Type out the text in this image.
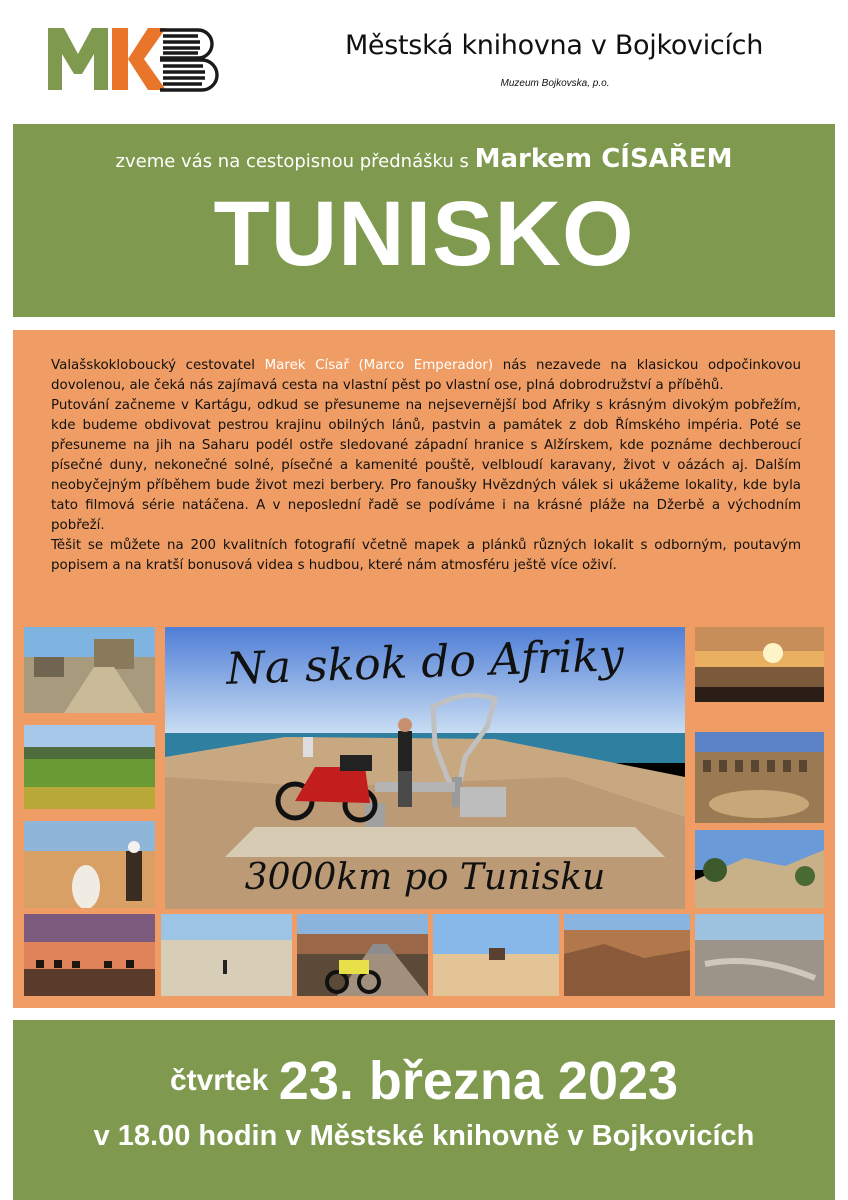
Městská knihovna v Bojkovicích
Muzeum Bojkovska, p.o.
zveme vás na cestopisnou přednášku s Markem CÍSAŘEM
TUNISKO

Valašskokloboucký cestovatel Marek Císař (Marco Emperador) nás nezavede na klasickou odpočinkovou dovolenou, ale čeká nás zajímavá cesta na vlastní pěst po vlastní ose, plná dobrodružství a příběhů.
Putování začneme v Kartágu, odkud se přesuneme na nejsevernější bod Afriky s krásným divokým pobřežím, kde budeme obdivovat pestrou krajinu obilných lánů, pastvin a památek z dob Římského impéria. Poté se přesuneme na jih na Saharu podél ostře sledované západní hranice s Alžírskem, kde poznáme dechberoucí písečné duny, nekonečné solné, písečné a kamenité pouště, velbloudí karavany, život v oázách aj. Dalším neobyčejným příběhem bude život mezi berbery. Pro fanoušky Hvězdných válek si ukážeme lokality, kde byla tato filmová série natáčena. A v neposlední řadě se podíváme i na krásné pláže na Džerbě a východním pobřeží.
Těšit se můžete na 200 kvalitních fotografií včetně mapek a plánků různých lokalit s odborným, poutavým popisem a na kratší bonusová videa s hudbou, které nám atmosféru ještě více oživí.

Na skok do Afriky
3000km po Tunisku
čtvrtek 23. března 2023
v 18.00 hodin v Městské knihovně v Bojkovicích
